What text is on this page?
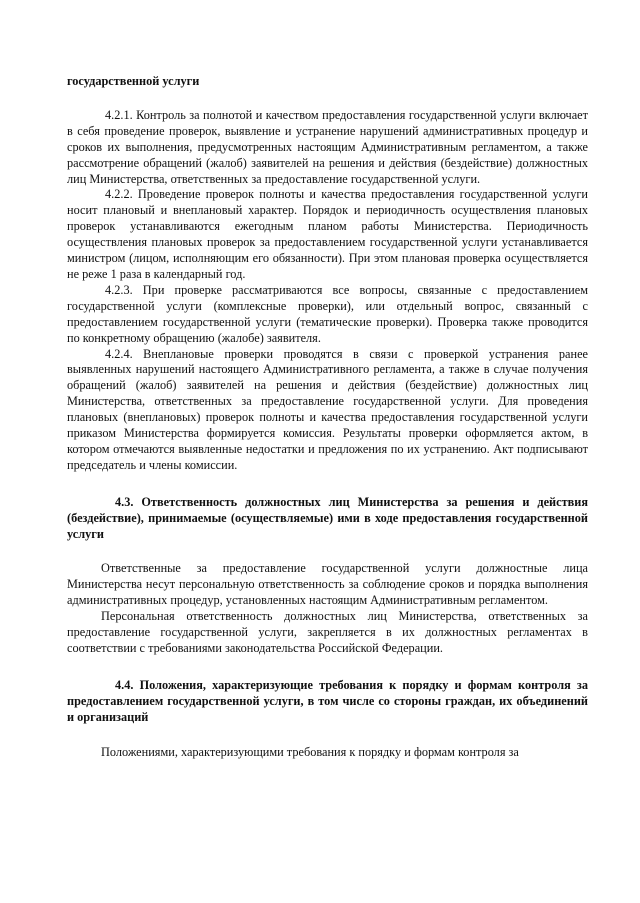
государственной услуги

4.2.1. Контроль за полнотой и качеством предоставления государственной услуги включает в себя проведение проверок, выявление и устранение нарушений административных процедур и сроков их выполнения, предусмотренных настоящим Административным регламентом, а также рассмотрение обращений (жалоб) заявителей на решения и действия (бездействие) должностных лиц Министерства, ответственных за предоставление государственной услуги.

4.2.2. Проведение проверок полноты и качества предоставления государственной услуги носит плановый и внеплановый характер. Порядок и периодичность осуществления плановых проверок устанавливаются ежегодным планом работы Министерства. Периодичность осуществления плановых проверок за предоставлением государственной услуги устанавливается министром (лицом, исполняющим его обязанности). При этом плановая проверка осуществляется не реже 1 раза в календарный год.

4.2.3. При проверке рассматриваются все вопросы, связанные с предоставлением государственной услуги (комплексные проверки), или отдельный вопрос, связанный с предоставлением государственной услуги (тематические проверки). Проверка также проводится по конкретному обращению (жалобе) заявителя.

4.2.4. Внеплановые проверки проводятся в связи с проверкой устранения ранее выявленных нарушений настоящего Административного регламента, а также в случае получения обращений (жалоб) заявителей на решения и действия (бездействие) должностных лиц Министерства, ответственных за предоставление государственной услуги. Для проведения плановых (внеплановых) проверок полноты и качества предоставления государственной услуги приказом Министерства формируется комиссия. Результаты проверки оформляется актом, в котором отмечаются выявленные недостатки и предложения по их устранению. Акт подписывают председатель и члены комиссии.

4.3. Ответственность должностных лиц Министерства за решения и действия (бездействие), принимаемые (осуществляемые) ими в ходе предоставления государственной услуги

Ответственные за предоставление государственной услуги должностные лица Министерства несут персональную ответственность за соблюдение сроков и порядка выполнения административных процедур, установленных настоящим Административным регламентом.

Персональная ответственность должностных лиц Министерства, ответственных за предоставление государственной услуги, закрепляется в их должностных регламентах в соответствии с требованиями законодательства Российской Федерации.

4.4. Положения, характеризующие требования к порядку и формам контроля за предоставлением государственной услуги, в том числе со стороны граждан, их объединений и организаций

Положениями, характеризующими требования к порядку и формам контроля за
